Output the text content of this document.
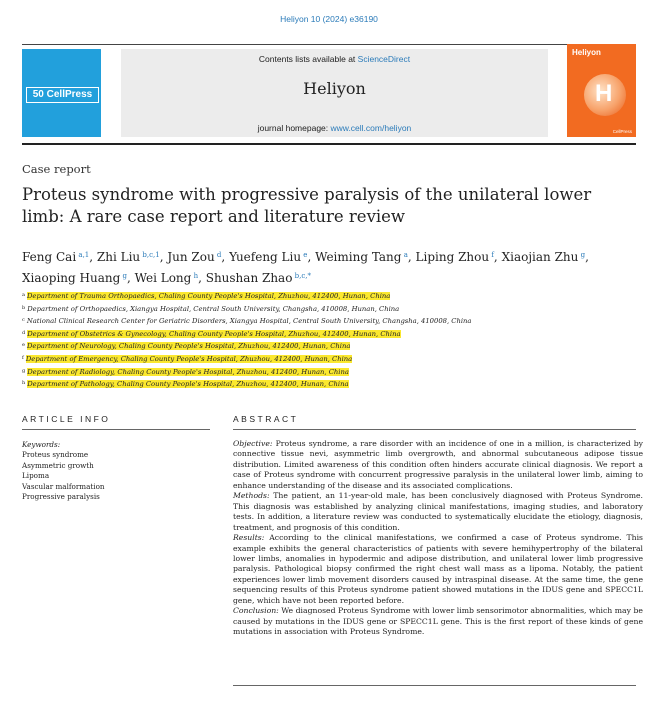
Heliyon 10 (2024) e36190
50 CellPress
Contents lists available at ScienceDirect
Heliyon
journal homepage: www.cell.com/heliyon
Heliyon
H
CellPress
Case report
Proteus syndrome with progressive paralysis of the unilateral lower limb: A rare case report and literature review
Feng Cai $^{a,1}$, Zhi Liu $^{b,c,1}$, Jun Zou $^d$, Yuefeng Liu $^e$, Weiming Tang $^a$, Liping Zhou $^f$, Xiaojian Zhu $^g$, Xiaoping Huang $^g$, Wei Long $^h$, Shushan Zhao $^{b,c,*}$
$^a$ Department of Trauma Orthopaedics, Chaling County People's Hospital, Zhuzhou, 412400, Hunan, China
$^b$ Department of Orthopaedics, Xiangya Hospital, Central South University, Changsha, 410008, Hunan, China
$^c$ National Clinical Research Center for Geriatric Disorders, Xiangya Hospital, Central South University, Changsha, 410008, China
$^d$ Department of Obstetrics & Gynecology, Chaling County People's Hospital, Zhuzhou, 412400, Hunan, China
$^e$ Department of Neurology, Chaling County People's Hospital, Zhuzhou, 412400, Hunan, China
$^f$ Department of Emergency, Chaling County People's Hospital, Zhuzhou, 412400, Hunan, China
$^g$ Department of Radiology, Chaling County People's Hospital, Zhuzhou, 412400, Hunan, China
$^h$ Department of Pathology, Chaling County People's Hospital, Zhuzhou, 412400, Hunan, China
ARTICLE INFO	ABSTRACT
Keywords:
Proteus syndrome
Asymmetric growth
Lipoma
Vascular malformation
Progressive paralysis

Objective: Proteus syndrome, a rare disorder with an incidence of one in a million, is characterized by connective tissue nevi, asymmetric limb overgrowth, and abnormal subcutaneous adipose tissue distribution. Limited awareness of this condition often hinders accurate clinical diagnosis. We report a case of Proteus syndrome with concurrent progressive paralysis in the unilateral lower limb, aiming to enhance understanding of the disease and its associated complications.

Methods: The patient, an 11-year-old male, has been conclusively diagnosed with Proteus Syndrome. This diagnosis was established by analyzing clinical manifestations, imaging studies, and laboratory tests. In addition, a literature review was conducted to systematically elucidate the etiology, diagnosis, treatment, and prognosis of this condition.

Results: According to the clinical manifestations, we confirmed a case of Proteus syndrome. This example exhibits the general characteristics of patients with severe hemihypertrophy of the bilateral lower limbs, anomalies in hypodermic and adipose distribution, and unilateral lower limb progressive paralysis. Pathological biopsy confirmed the right chest wall mass as a lipoma. Notably, the patient experiences lower limb movement disorders caused by intraspinal disease. At the same time, the gene sequencing results of this Proteus syndrome patient showed mutations in the IDUS gene and SPECC1L gene, which have not been reported before.

Conclusion: We diagnosed Proteus Syndrome with lower limb sensorimotor abnormalities, which may be caused by mutations in the IDUS gene or SPECC1L gene. This is the first report of these kinds of gene mutations in association with Proteus Syndrome.
